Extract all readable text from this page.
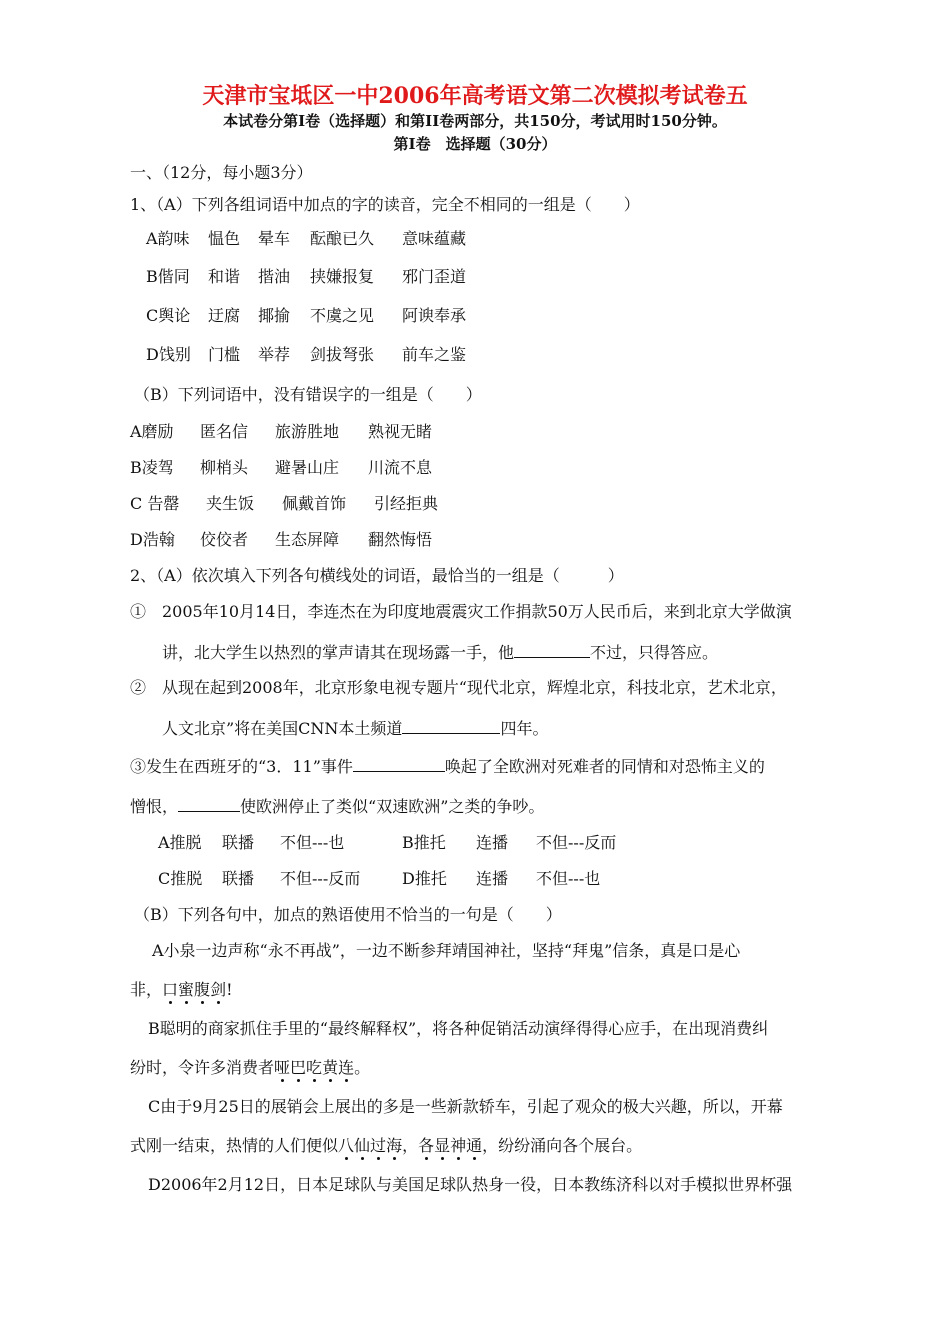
天津市宝坻区一中2006年高考语文第二次模拟考试卷五
本试卷分第Ⅰ卷（选择题）和第II卷两部分，共150分，考试用时150分钟。
第Ⅰ卷　选择题（30分）
一、（12分，每小题3分）
1、（A）下列各组词语中加点的字的读音，完全不相同的一组是（　　）
A韵味 愠色 晕车 酝酿已久 意味蕴藏
B偕同 和谐 揩油 挟嫌报复 邪门歪道
C舆论 迂腐 揶揄 不虞之见 阿谀奉承
D饯别 门槛 举荐 剑拔弩张 前车之鉴
（B）下列词语中，没有错误字的一组是（　　）
A磨励 匿名信 旅游胜地 熟视无睹
B凌驾 柳梢头 避暑山庄 川流不息
C 告罄 夹生饭 佩戴首饰 引经拒典
D浩翰 佼佼者 生态屏障 翻然悔悟
2、（A）依次填入下列各句横线处的词语，最恰当的一组是（　　　）
①　2005年10月14日，李连杰在为印度地震震灾工作捐款50万人民币后，来到北京大学做演
讲，北大学生以热烈的掌声请其在现场露一手，他	不过，只得答应。
②　从现在起到2008年，北京形象电视专题片“现代北京，辉煌北京，科技北京，艺术北京，
人文北京”将在美国CNN本土频道	四年。
③发生在西班牙的“3．11”事件	唤起了全欧洲对死难者的同情和对恐怖主义的
憎恨，	使欧洲停止了类似“双速欧洲”之类的争吵。
A推脱 联播 不但---也	B推托 连播 不但---反而
C推脱 联播 不但---反而	D推托 连播 不但---也
（B）下列各句中，加点的熟语使用不恰当的一句是（　　）
A小泉一边声称“永不再战”，一边不断参拜靖国神社，坚持“拜鬼”信条，真是口是心
非，口蜜腹剑!
B聪明的商家抓住手里的“最终解释权”，将各种促销活动演绎得得心应手，在出现消费纠
纷时，令许多消费者哑巴吃黄连。
C由于9月25日的展销会上展出的多是一些新款轿车，引起了观众的极大兴趣，所以，开幕
式刚一结束，热情的人们便似八仙过海，各显神通，纷纷涌向各个展台。
D2006年2月12日，日本足球队与美国足球队热身一役，日本教练济科以对手模拟世界杯强
